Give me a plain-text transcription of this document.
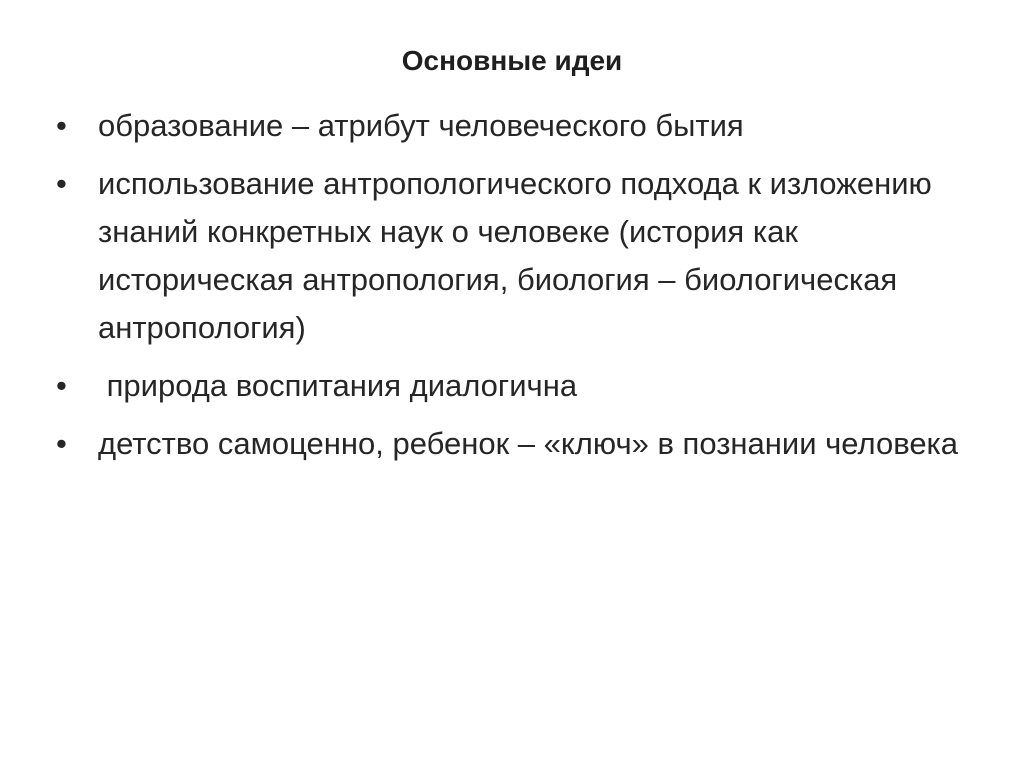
Основные идеи
• образование – атрибут человеческого бытия
• использование антропологического подхода к изложению знаний конкретных наук о человеке (история как историческая антропология, биология – биологическая антропология)
• природа воспитания диалогична
• детство самоценно, ребенок – «ключ» в познании человека
